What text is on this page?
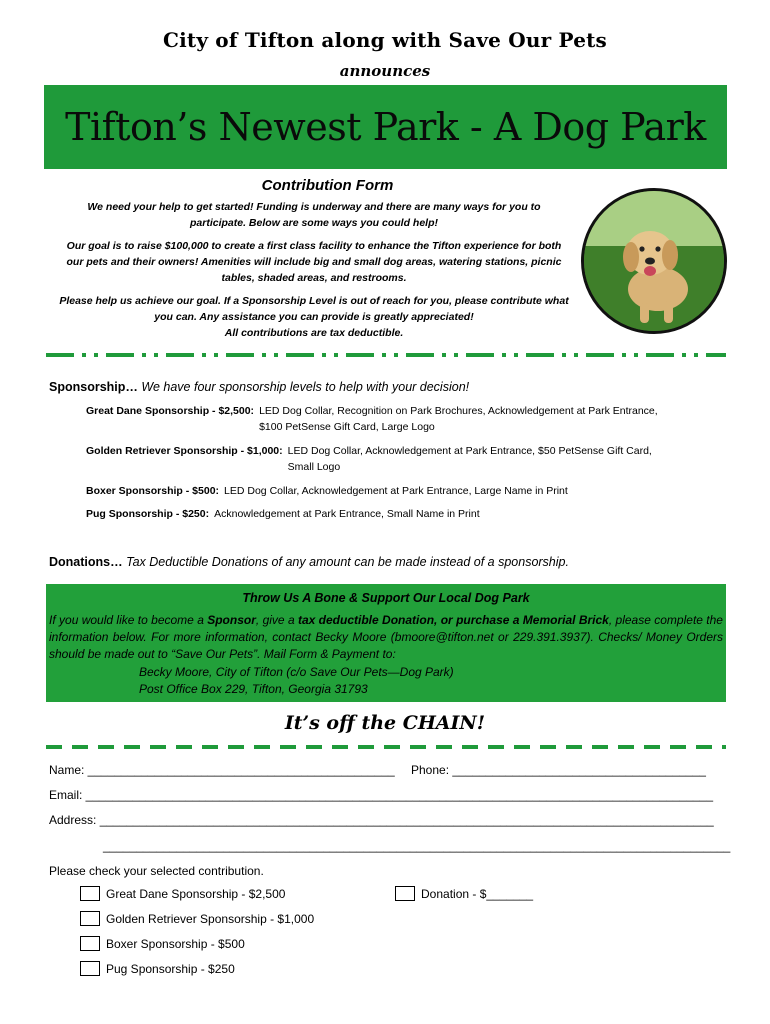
City of Tifton along with Save Our Pets
announces
Tifton’s Newest Park - A Dog Park
Contribution Form
We need your help to get started! Funding is underway and there are many ways for you to
participate. Below are some ways you could help!
Our goal is to raise $100,000 to create a first class facility to enhance the Tifton experience for both
our pets and their owners! Amenities will include big and small dog areas, watering stations, picnic
tables, shaded areas, and restrooms.
Please help us achieve our goal. If a Sponsorship Level is out of reach for you, please contribute what
you can. Any assistance you can provide is greatly appreciated!
All contributions are tax deductible.
Sponsorship… We have four sponsorship levels to help with your decision!
Great Dane Sponsorship - $2,500: LED Dog Collar, Recognition on Park Brochures, Acknowledgement at Park Entrance,
$100 PetSense Gift Card, Large Logo
Golden Retriever Sponsorship - $1,000: LED Dog Collar, Acknowledgement at Park Entrance, $50 PetSense Gift Card,
Small Logo
Boxer Sponsorship - $500: LED Dog Collar, Acknowledgement at Park Entrance, Large Name in Print
Pug Sponsorship - $250: Acknowledgement at Park Entrance, Small Name in Print
Donations… Tax Deductible Donations of any amount can be made instead of a sponsorship.
Throw Us A Bone & Support Our Local Dog Park
If you would like to become a Sponsor, give a tax deductible Donation, or purchase a Memorial Brick, please complete the information below. For more information, contact Becky Moore (bmoore@tifton.net or 229.391.3937). Checks/ Money Orders should be made out to “Save Our Pets”. Mail Form & Payment to:
Becky Moore, City of Tifton (c/o Save Our Pets—Dog Park)
Post Office Box 229, Tifton, Georgia 31793
It’s off the CHAIN!
Name: ______________________________________________ Phone: ______________________________________
Email: ______________________________________________________________________________________________
Address: ____________________________________________________________________________________________
______________________________________________________________________________________________
Please check your selected contribution.
Great Dane Sponsorship - $2,500
Golden Retriever Sponsorship - $1,000
Boxer Sponsorship - $500
Pug Sponsorship - $250
Donation - $_______
